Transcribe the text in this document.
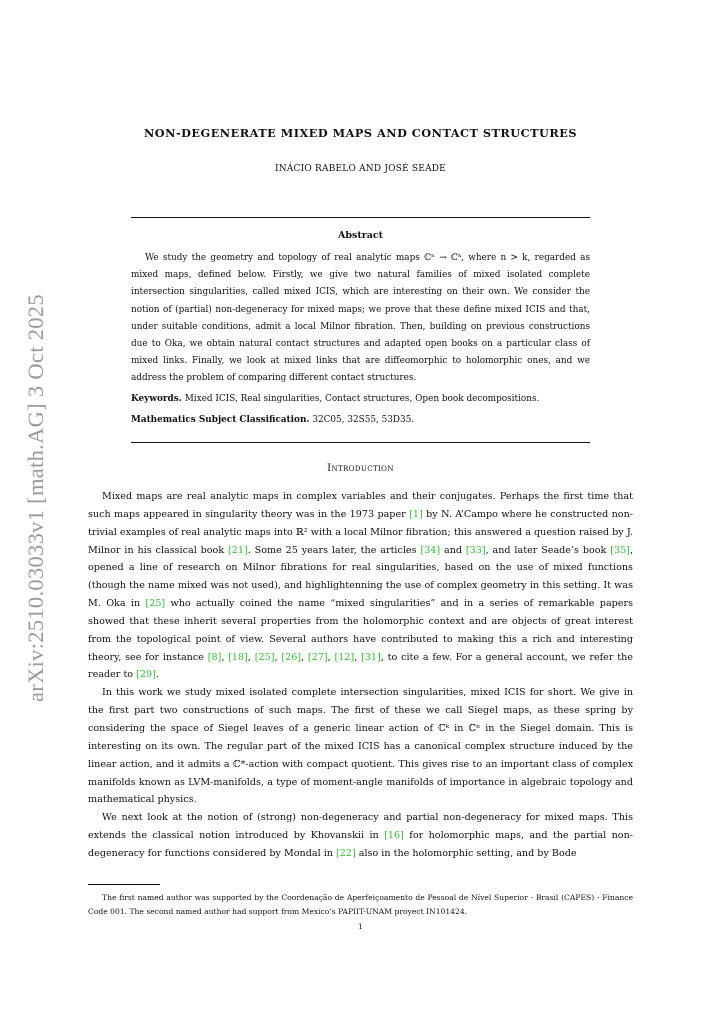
arXiv:2510.03033v1 [math.AG] 3 Oct 2025
NON-DEGENERATE MIXED MAPS AND CONTACT STRUCTURES
INÁCIO RABELO AND JOSÉ SEADE
Abstract

We study the geometry and topology of real analytic maps ℂⁿ → ℂᵏ, where n > k, regarded as mixed maps, defined below. Firstly, we give two natural families of mixed isolated complete intersection singularities, called mixed ICIS, which are interesting on their own. We consider the notion of (partial) non-degeneracy for mixed maps; we prove that these define mixed ICIS and that, under suitable conditions, admit a local Milnor fibration. Then, building on previous constructions due to Oka, we obtain natural contact structures and adapted open books on a particular class of mixed links. Finally, we look at mixed links that are diffeomorphic to holomorphic ones, and we address the problem of comparing different contact structures.

Keywords. Mixed ICIS, Real singularities, Contact structures, Open book decompositions.
Mathematics Subject Classification. 32C05, 32S55, 53D35.
Introduction

Mixed maps are real analytic maps in complex variables and their conjugates. Perhaps the first time that such maps appeared in singularity theory was in the 1973 paper [1] by N. A’Campo where he constructed non-trivial examples of real analytic maps into ℝ² with a local Milnor fibration; this answered a question raised by J. Milnor in his classical book [21]. Some 25 years later, the articles [34] and [33], and later Seade’s book [35], opened a line of research on Milnor fibrations for real singularities, based on the use of mixed functions (though the name mixed was not used), and highlightenning the use of complex geometry in this setting. It was M. Oka in [25] who actually coined the name “mixed singularities” and in a series of remarkable papers showed that these inherit several properties from the holomorphic context and are objects of great interest from the topological point of view. Several authors have contributed to making this a rich and interesting theory, see for instance [8], [18], [25], [26], [27], [12], [31], to cite a few. For a general account, we refer the reader to [29].

In this work we study mixed isolated complete intersection singularities, mixed ICIS for short. We give in the first part two constructions of such maps. The first of these we call Siegel maps, as these spring by considering the space of Siegel leaves of a generic linear action of ℂᵏ in ℂⁿ in the Siegel domain. This is interesting on its own. The regular part of the mixed ICIS has a canonical complex structure induced by the linear action, and it admits a ℂ*-action with compact quotient. This gives rise to an important class of complex manifolds known as LVM-manifolds, a type of moment-angle manifolds of importance in algebraic topology and mathematical physics.

We next look at the notion of (strong) non-degeneracy and partial non-degeneracy for mixed maps. This extends the classical notion introduced by Khovanskii in [16] for holomorphic maps, and the partial non-degeneracy for functions considered by Mondal in [22] also in the holomorphic setting, and by Bode

The first named author was supported by the Coordenação de Aperfeiçoamento de Pessoal de Nível Superior - Brasil (CAPES) - Finance Code 001. The second named author had support from Mexico’s PAPIIT-UNAM proyect IN101424.

1
